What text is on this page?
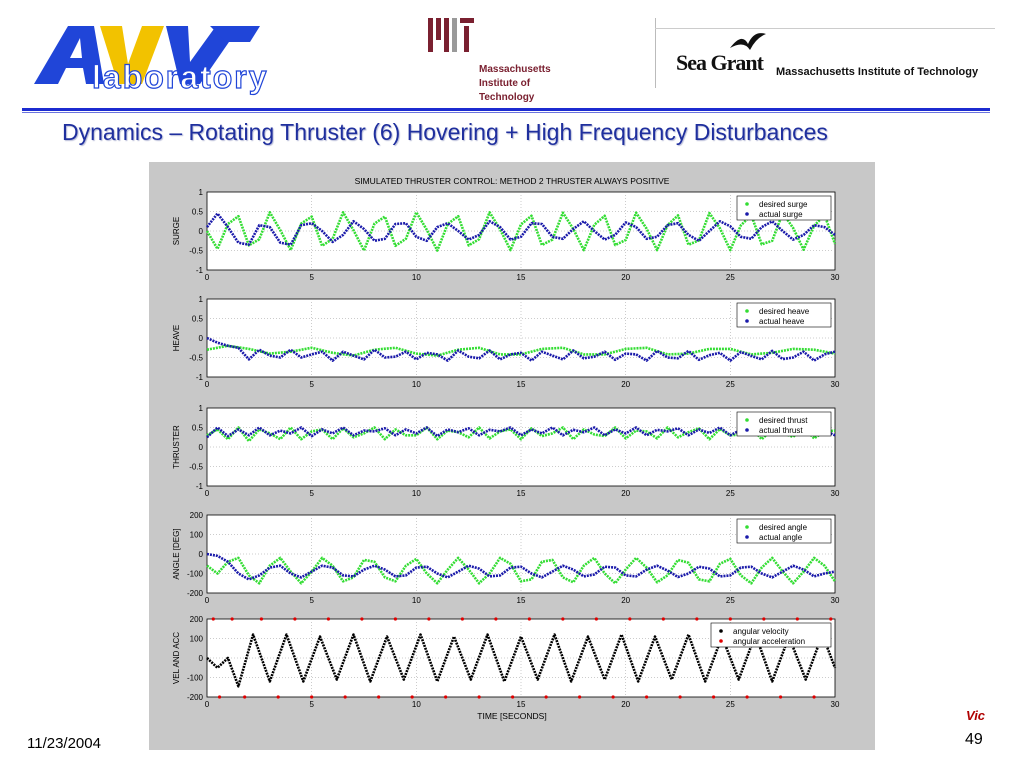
laboratory	Massachusetts
Institute of
Technology
Sea Grant Massachusetts Institute of Technology
Dynamics – Rotating Thruster (6) Hovering + High Frequency Disturbances
SIMULATED THRUSTER CONTROL: METHOD 2 THRUSTER ALWAYS POSITIVE
1
0.5
0
-0.5
-1
0	5	10	15	20	25	30
SURGE
desired surge
actual surge
1
0.5
0
-0.5
-1
0	5	10	15	20	25	30
HEAVE
desired heave
actual heave
1
0.5
0
-0.5
-1
0	5	10	15	20	25	30
THRUSTER
desired thrust
actual thrust
200
100
0
-100
-200
0	5	10	15	20	25	30
ANGLE [DEG]
desired angle
actual angle
200
100
0
-100
-200
0	5	10	15	20	25	30
VEL AND ACC
angular velocity
angular acceleration
TIME [SECONDS]
11/23/2004
Vic
49
